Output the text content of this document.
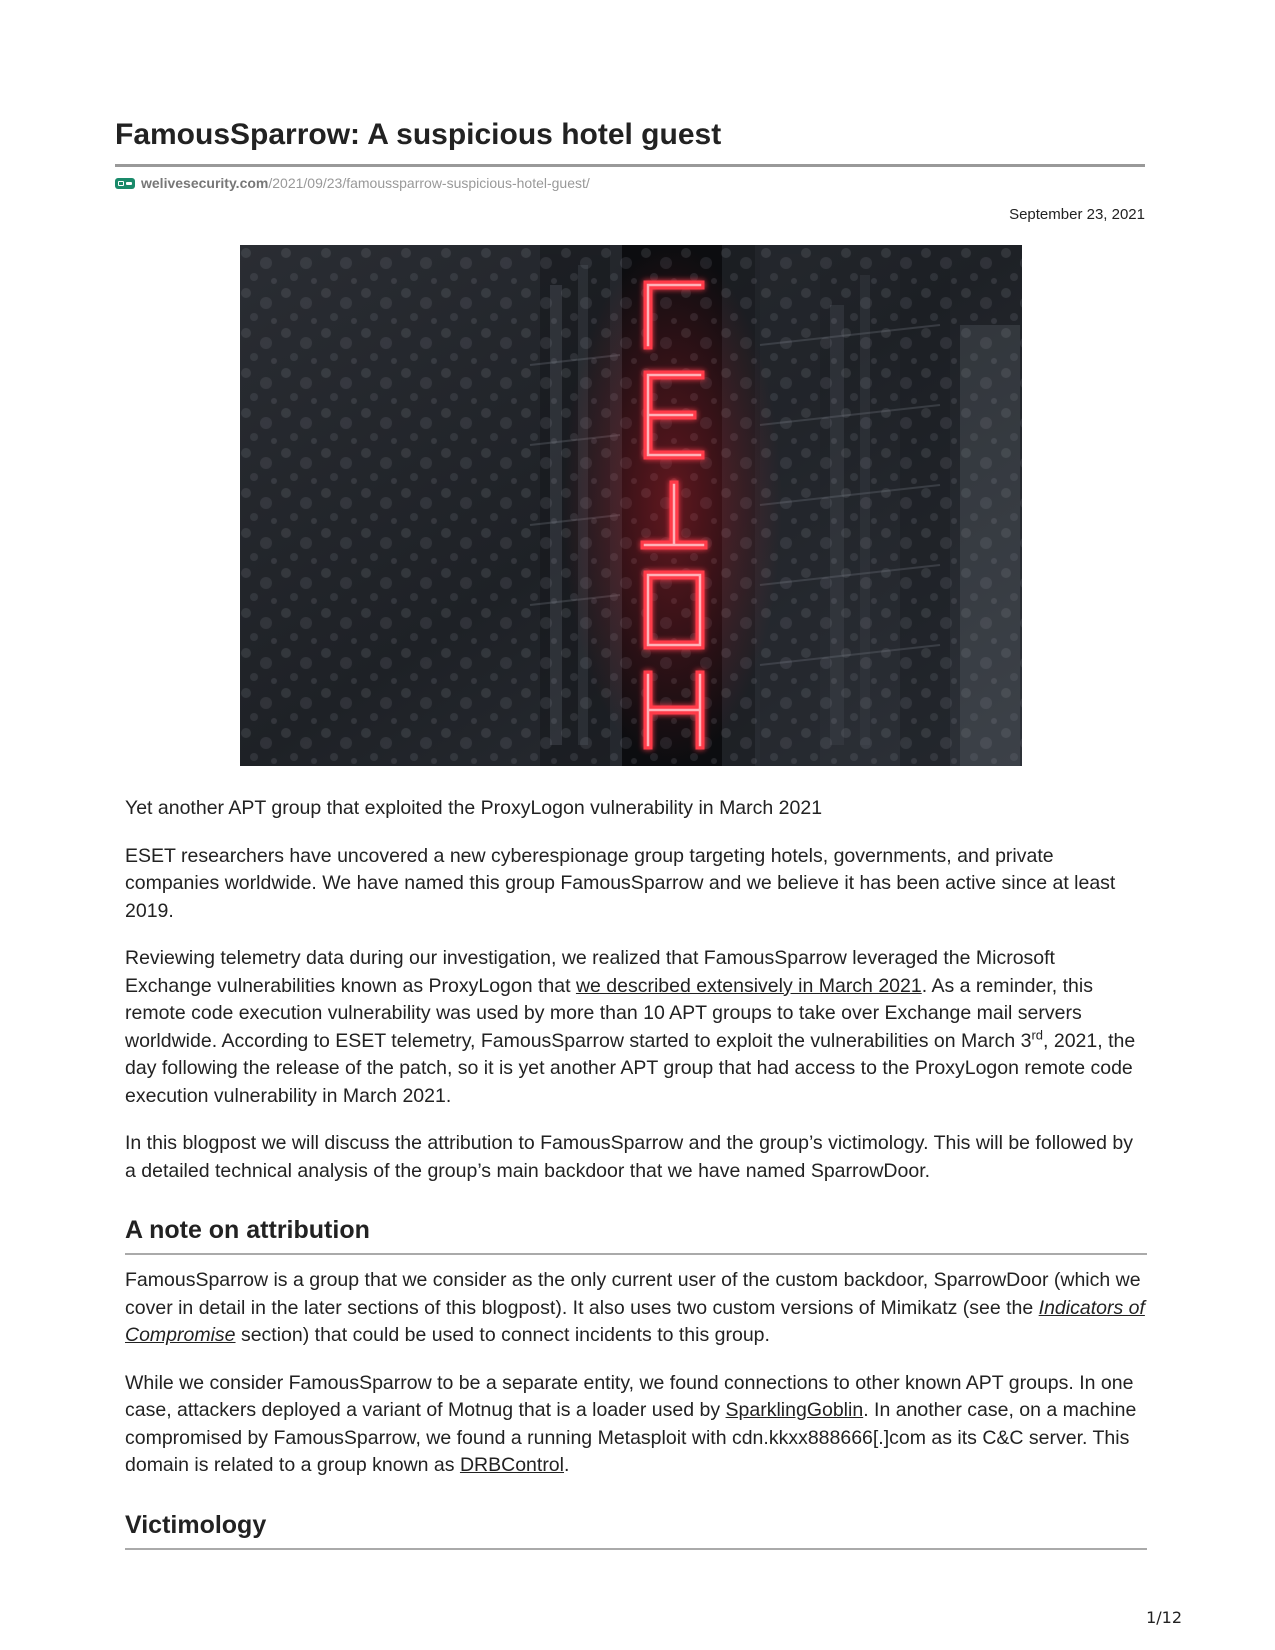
FamousSparrow: A suspicious hotel guest
welivesecurity.com /2021/09/23/famoussparrow-suspicious-hotel-guest/
September 23, 2021

Yet another APT group that exploited the ProxyLogon vulnerability in March 2021

ESET researchers have uncovered a new cyberespionage group targeting hotels, governments, and private companies worldwide. We have named this group FamousSparrow and we believe it has been active since at least 2019.

Reviewing telemetry data during our investigation, we realized that FamousSparrow leveraged the Microsoft Exchange vulnerabilities known as ProxyLogon that we described extensively in March 2021. As a reminder, this remote code execution vulnerability was used by more than 10 APT groups to take over Exchange mail servers worldwide. According to ESET telemetry, FamousSparrow started to exploit the vulnerabilities on March 3rd, 2021, the day following the release of the patch, so it is yet another APT group that had access to the ProxyLogon remote code execution vulnerability in March 2021.

In this blogpost we will discuss the attribution to FamousSparrow and the group’s victimology. This will be followed by a detailed technical analysis of the group’s main backdoor that we have named SparrowDoor.

A note on attribution

FamousSparrow is a group that we consider as the only current user of the custom backdoor, SparrowDoor (which we cover in detail in the later sections of this blogpost). It also uses two custom versions of Mimikatz (see the Indicators of Compromise section) that could be used to connect incidents to this group.

While we consider FamousSparrow to be a separate entity, we found connections to other known APT groups. In one case, attackers deployed a variant of Motnug that is a loader used by SparklingGoblin. In another case, on a machine compromised by FamousSparrow, we found a running Metasploit with cdn.kkxx888666[.]com as its C&C server. This domain is related to a group known as DRBControl.

Victimology
1/12
